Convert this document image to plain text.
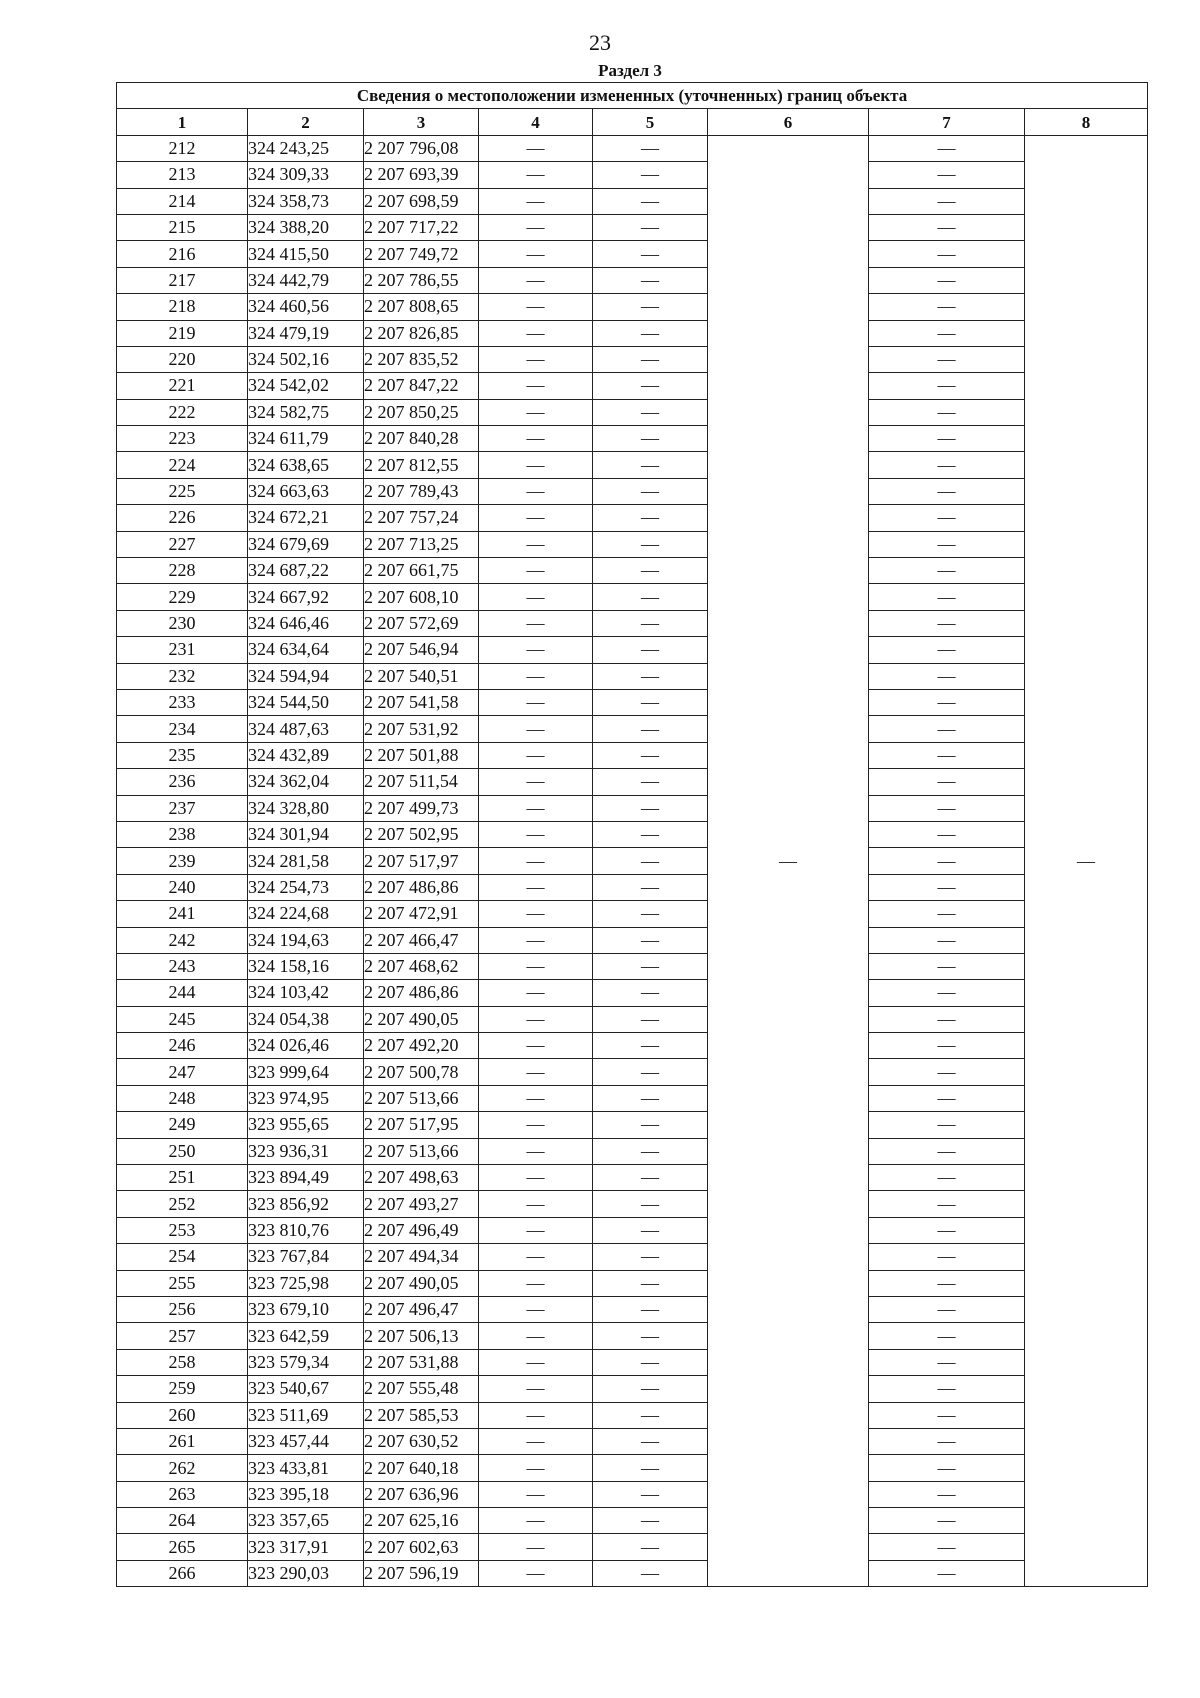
23
Раздел 3
Сведения о местоположении измененных (уточненных) границ объекта							
1	2	3	4	5	6	7	8
212	324 243,25	2 207 796,08	—	—	—	—	—
213	324 309,33	2 207 693,39	—	—		—	
214	324 358,73	2 207 698,59	—	—		—	
215	324 388,20	2 207 717,22	—	—		—	
216	324 415,50	2 207 749,72	—	—		—	
217	324 442,79	2 207 786,55	—	—		—	
218	324 460,56	2 207 808,65	—	—		—	
219	324 479,19	2 207 826,85	—	—		—	
220	324 502,16	2 207 835,52	—	—		—	
221	324 542,02	2 207 847,22	—	—		—	
222	324 582,75	2 207 850,25	—	—		—	
223	324 611,79	2 207 840,28	—	—		—	
224	324 638,65	2 207 812,55	—	—		—	
225	324 663,63	2 207 789,43	—	—		—	
226	324 672,21	2 207 757,24	—	—		—	
227	324 679,69	2 207 713,25	—	—		—	
228	324 687,22	2 207 661,75	—	—		—	
229	324 667,92	2 207 608,10	—	—		—	
230	324 646,46	2 207 572,69	—	—		—	
231	324 634,64	2 207 546,94	—	—		—	
232	324 594,94	2 207 540,51	—	—		—	
233	324 544,50	2 207 541,58	—	—		—	
234	324 487,63	2 207 531,92	—	—		—	
235	324 432,89	2 207 501,88	—	—		—	
236	324 362,04	2 207 511,54	—	—		—	
237	324 328,80	2 207 499,73	—	—		—	
238	324 301,94	2 207 502,95	—	—		—	
239	324 281,58	2 207 517,97	—	—		—	
240	324 254,73	2 207 486,86	—	—		—	
241	324 224,68	2 207 472,91	—	—		—	
242	324 194,63	2 207 466,47	—	—		—	
243	324 158,16	2 207 468,62	—	—		—	
244	324 103,42	2 207 486,86	—	—		—	
245	324 054,38	2 207 490,05	—	—		—	
246	324 026,46	2 207 492,20	—	—		—	
247	323 999,64	2 207 500,78	—	—		—	
248	323 974,95	2 207 513,66	—	—		—	
249	323 955,65	2 207 517,95	—	—		—	
250	323 936,31	2 207 513,66	—	—		—	
251	323 894,49	2 207 498,63	—	—		—	
252	323 856,92	2 207 493,27	—	—		—	
253	323 810,76	2 207 496,49	—	—		—	
254	323 767,84	2 207 494,34	—	—		—	
255	323 725,98	2 207 490,05	—	—		—	
256	323 679,10	2 207 496,47	—	—		—	
257	323 642,59	2 207 506,13	—	—		—	
258	323 579,34	2 207 531,88	—	—		—	
259	323 540,67	2 207 555,48	—	—		—	
260	323 511,69	2 207 585,53	—	—		—	
261	323 457,44	2 207 630,52	—	—		—	
262	323 433,81	2 207 640,18	—	—		—	
263	323 395,18	2 207 636,96	—	—		—	
264	323 357,65	2 207 625,16	—	—		—	
265	323 317,91	2 207 602,63	—	—		—	
266	323 290,03	2 207 596,19	—	—		—	
